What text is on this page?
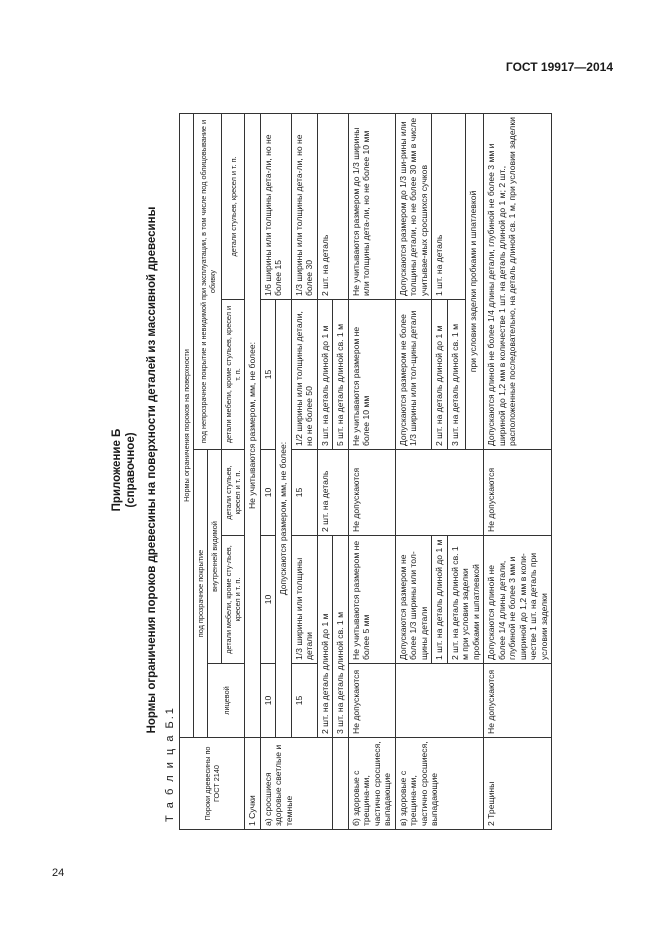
ГОСТ 19917—2014
24
Приложение Б (справочное) Нормы ограничения пороков древесины на поверхности деталей из массивной древесины
Т а б л и ц а Б.1	Пороки древесины по ГОСТ 2140	Нормы ограничения пороков на поверхности				
	под прозрачное покрытие			под непрозрачное покрытие и невидимой при эксплуатации, в том числе под облицовывание и обивку	
	лицевой	внутренней видимой			
		детали мебели, кроме сту-льев, кресел и т. п.	детали стульев, кресел и т. п.	детали мебели, кроме стульев, кресел и т. п.	детали стульев, кресел и т. п.
1 Сучки	Не учитываются размером, мм, не более:				
а) сросшиеся здоровые светлые и темные	10	10	10	15	1/6 ширины или толщины дета-ли, но не более 15
	Допускаются размером, мм, не более:				
	15	1/3 ширины или толщины детали	15	1/2 ширины или толщины детали, но не более 50	1/3 ширины или толщины дета-ли, но не более 30
	2 шт. на деталь длиной до 1 м		2 шт. на деталь	3 шт. на деталь длиной до 1 м	2 шт. на деталь
	3 шт. на деталь длиной св. 1 м			5 шт. на деталь длиной св. 1 м	
б) здоровые с трещина-ми, частично сросшиеся, выпадающие	Не допускаются	Не учитываются размером не более 5 мм	Не допускаются	Не учитываются размером не более 10 мм	Не учитываются размером до 1/3 ширины или толщины дета-ли, но не более 10 мм
в) здоровые с трещина-ми, частично сросшиеся, выпадающие		Допускаются размером не более 1/3 ширины или тол-щины детали		Допускаются размером не более 1/3 ширины или тол-щины детали	Допускаются размером до 1/3 ши-рины или толщины детали, но не более 30 мм в числе учитывае-мых сросшихся сучков
		1 шт. на деталь длиной до 1 м		2 шт. на деталь длиной до 1 м	1 шт. на деталь
		2 шт. на деталь длиной св. 1 м при условии заделки пробками и шпатлевкой		3 шт. на деталь длиной св. 1 м	
				при условии заделки пробками и шпатлевкой	
2 Трещины	Не допускаются	Допускаются длиной не более 1/4 длины детали, глубиной не более 3 мм и шириной до 1,2 мм в коли-честве 1 шт. на деталь при условии заделки	Не допускаются	Допускаются длиной не более 1/4 длины детали, глубиной не более 3 мм и шириной до 1,2 мм в количестве 1 шт. на деталь длиной до 1 м; 2 шт., расположенные последовательно, на деталь длиной св. 1 м, при условии заделки	
